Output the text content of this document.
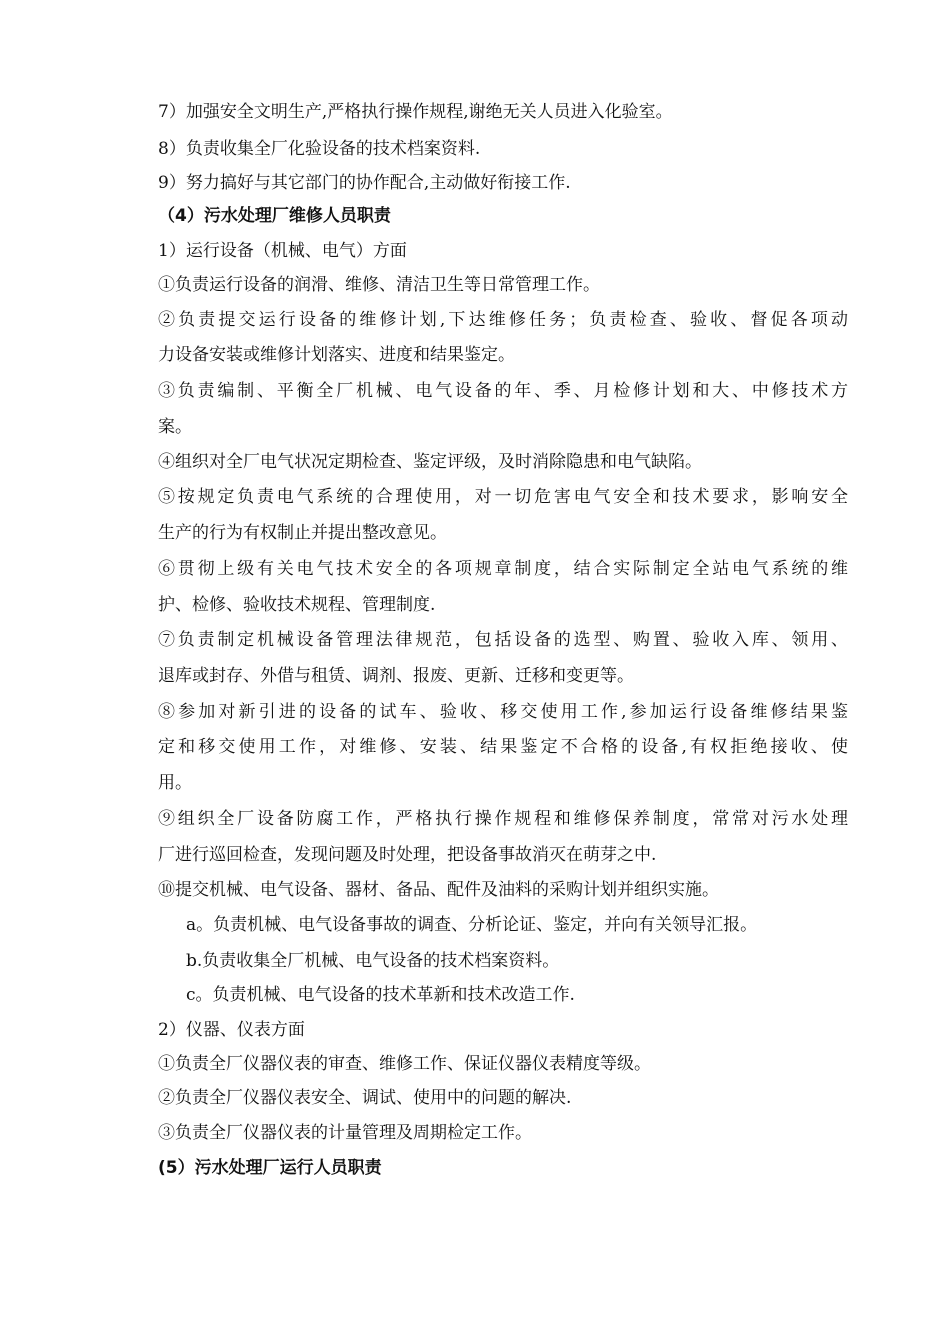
7）加强安全文明生产,严格执行操作规程,谢绝无关人员进入化验室。
8）负责收集全厂化验设备的技术档案资料.
9）努力搞好与其它部门的协作配合,主动做好衔接工作.
（4）污水处理厂维修人员职责
1）运行设备（机械、电气）方面
①负责运行设备的润滑、维修、清洁卫生等日常管理工作。
②负责提交运行设备的维修计划,下达维修任务；负责检查、验收、督促各项动
力设备安装或维修计划落实、进度和结果鉴定。
③负责编制、平衡全厂机械、电气设备的年、季、月检修计划和大、中修技术方
案。
④组织对全厂电气状况定期检查、鉴定评级，及时消除隐患和电气缺陷。
⑤按规定负责电气系统的合理使用，对一切危害电气安全和技术要求，影响安全
生产的行为有权制止并提出整改意见。
⑥贯彻上级有关电气技术安全的各项规章制度，结合实际制定全站电气系统的维
护、检修、验收技术规程、管理制度.
⑦负责制定机械设备管理法律规范，包括设备的选型、购置、验收入库、领用、
退库或封存、外借与租赁、调剂、报废、更新、迁移和变更等。
⑧参加对新引进的设备的试车、验收、移交使用工作,参加运行设备维修结果鉴
定和移交使用工作，对维修、安装、结果鉴定不合格的设备,有权拒绝接收、使
用。
⑨组织全厂设备防腐工作，严格执行操作规程和维修保养制度，常常对污水处理
厂进行巡回检查，发现问题及时处理，把设备事故消灭在萌芽之中.
⑩提交机械、电气设备、器材、备品、配件及油料的采购计划并组织实施。
a。负责机械、电气设备事故的调查、分析论证、鉴定，并向有关领导汇报。
b.负责收集全厂机械、电气设备的技术档案资料。
c。负责机械、电气设备的技术革新和技术改造工作.
2）仪器、仪表方面
①负责全厂仪器仪表的审查、维修工作、保证仪器仪表精度等级。
②负责全厂仪器仪表安全、调试、使用中的问题的解决.
③负责全厂仪器仪表的计量管理及周期检定工作。
(5）污水处理厂运行人员职责
